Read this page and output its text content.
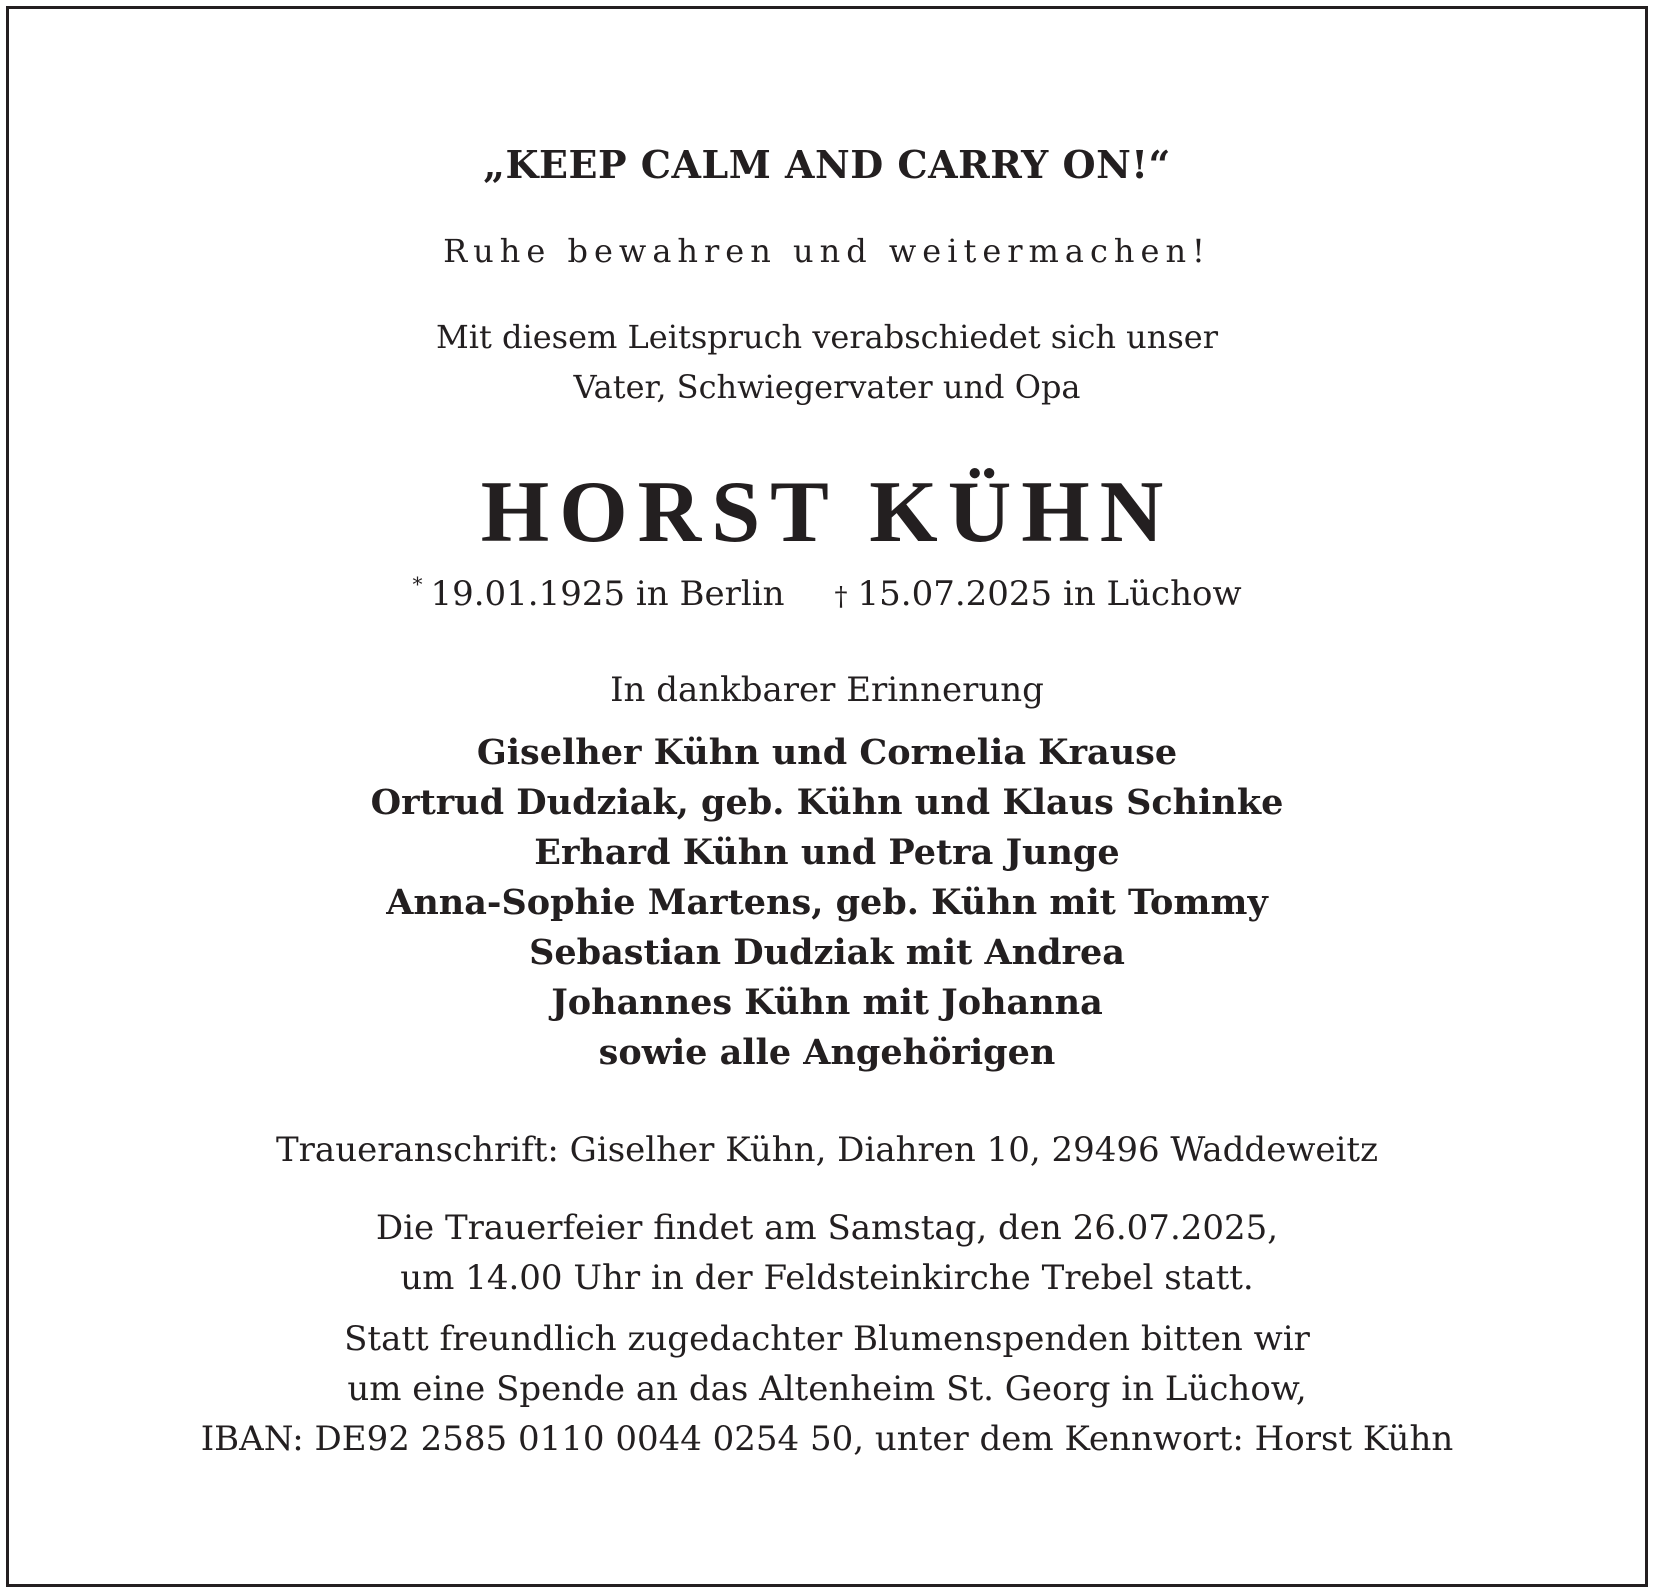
„KEEP CALM AND CARRY ON!“
Ruhe bewahren und weitermachen!
Mit diesem Leitspruch verabschiedet sich unser
Vater, Schwiegervater und Opa
HORST KÜHN
* 19.01.1925 in Berlin † 15.07.2025 in Lüchow
In dankbarer Erinnerung
Giselher Kühn und Cornelia Krause
Ortrud Dudziak, geb. Kühn und Klaus Schinke
Erhard Kühn und Petra Junge
Anna-Sophie Martens, geb. Kühn mit Tommy
Sebastian Dudziak mit Andrea
Johannes Kühn mit Johanna
sowie alle Angehörigen
Traueranschrift: Giselher Kühn, Diahren 10, 29496 Waddeweitz
Die Trauerfeier findet am Samstag, den 26.07.2025,
um 14.00 Uhr in der Feldsteinkirche Trebel statt.
Statt freundlich zugedachter Blumenspenden bitten wir
um eine Spende an das Altenheim St. Georg in Lüchow,
IBAN: DE92 2585 0110 0044 0254 50, unter dem Kennwort: Horst Kühn
